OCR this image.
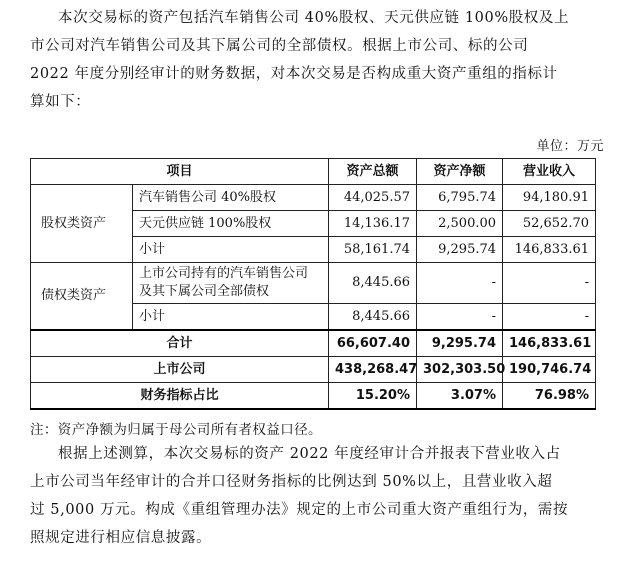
本次交易标的资产包括汽车销售公司 40%股权、天元供应链 100%股权及上
市公司对汽车销售公司及其下属公司的全部债权。根据上市公司、标的公司
2022 年度分别经审计的财务数据，对本次交易是否构成重大资产重组的指标计
算如下：
单位：万元
项目		资产总额	资产净额	营业收入
股权类资产	汽车销售公司 40%股权	44,025.57	6,795.74	94,180.91
	天元供应链 100%股权	14,136.17	2,500.00	52,652.70
	小计	58,161.74	9,295.74	146,833.61
债权类资产	上市公司持有的汽车销售公司
及其下属公司全部债权	8,445.66	-	-
	小计	8,445.66	-	-
合计		66,607.40	9,295.74	146,833.61
上市公司		438,268.47	302,303.50	190,746.74
财务指标占比		15.20%	3.07%	76.98%
注：资产净额为归属于母公司所有者权益口径。
根据上述测算，本次交易标的资产 2022 年度经审计合并报表下营业收入占
上市公司当年经审计的合并口径财务指标的比例达到 50%以上，且营业收入超
过 5,000 万元。构成《重组管理办法》规定的上市公司重大资产重组行为，需按
照规定进行相应信息披露。
